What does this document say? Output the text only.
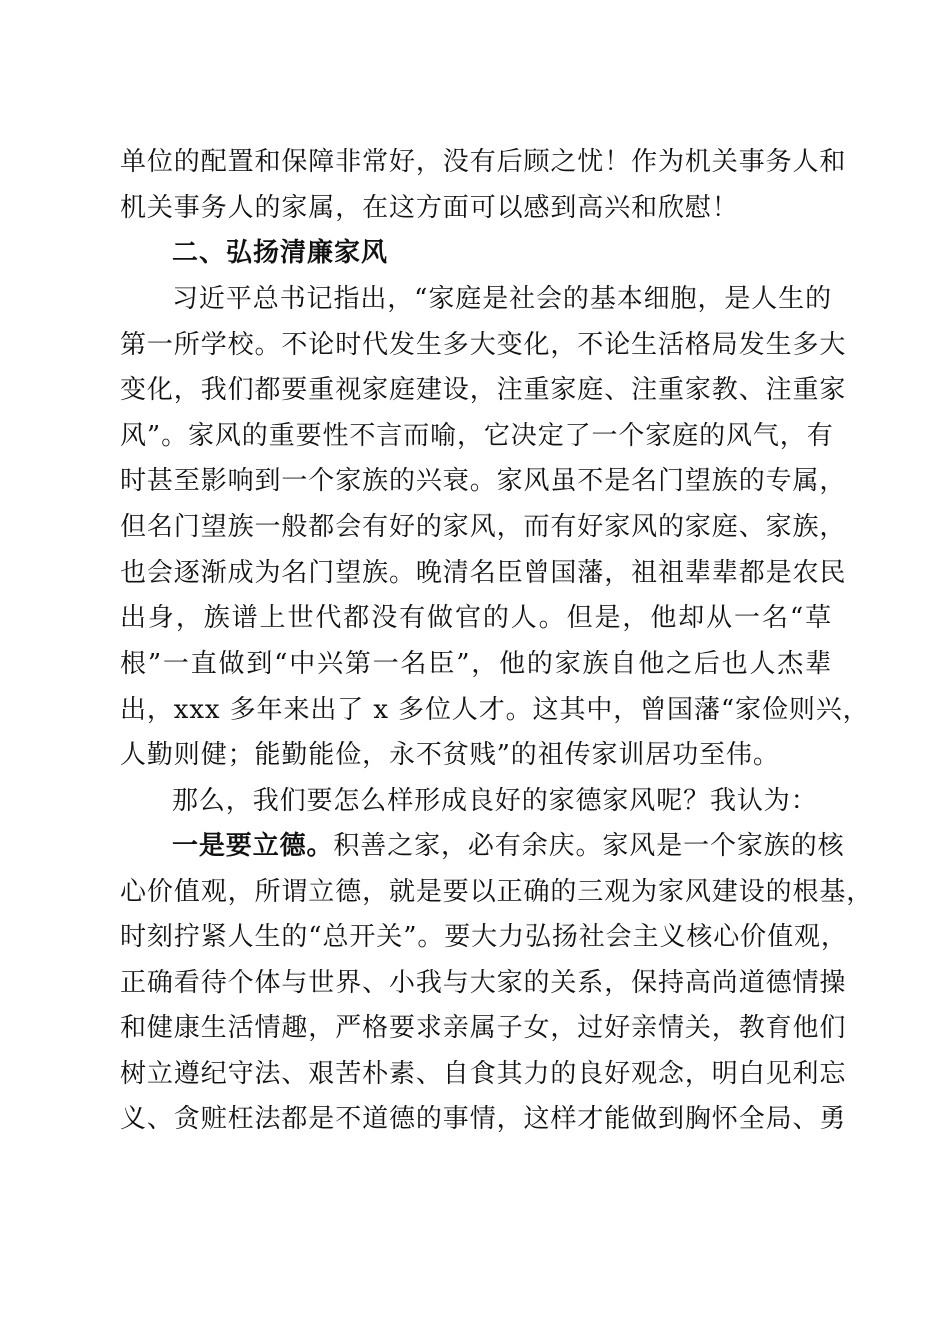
单位的配置和保障非常好，没有后顾之忧！作为机关事务人和
机关事务人的家属，在这方面可以感到高兴和欣慰！
二、弘扬清廉家风
习近平总书记指出，“家庭是社会的基本细胞，是人生的
第一所学校。不论时代发生多大变化，不论生活格局发生多大
变化，我们都要重视家庭建设，注重家庭、注重家教、注重家
风”。家风的重要性不言而喻，它决定了一个家庭的风气，有
时甚至影响到一个家族的兴衰。家风虽不是名门望族的专属，
但名门望族一般都会有好的家风，而有好家风的家庭、家族，
也会逐渐成为名门望族。晚清名臣曾国藩，祖祖辈辈都是农民
出身，族谱上世代都没有做官的人。但是，他却从一名“草
根”一直做到“中兴第一名臣”，他的家族自他之后也人杰辈
出，xxx 多年来出了 x 多位人才。这其中，曾国藩“家俭则兴，
人勤则健；能勤能俭，永不贫贱”的祖传家训居功至伟。
那么，我们要怎么样形成良好的家德家风呢？我认为：
一是要立德。积善之家，必有余庆。家风是一个家族的核
心价值观，所谓立德，就是要以正确的三观为家风建设的根基，
时刻拧紧人生的“总开关”。要大力弘扬社会主义核心价值观，
正确看待个体与世界、小我与大家的关系，保持高尚道德情操
和健康生活情趣，严格要求亲属子女，过好亲情关，教育他们
树立遵纪守法、艰苦朴素、自食其力的良好观念，明白见利忘
义、贪赃枉法都是不道德的事情，这样才能做到胸怀全局、勇
